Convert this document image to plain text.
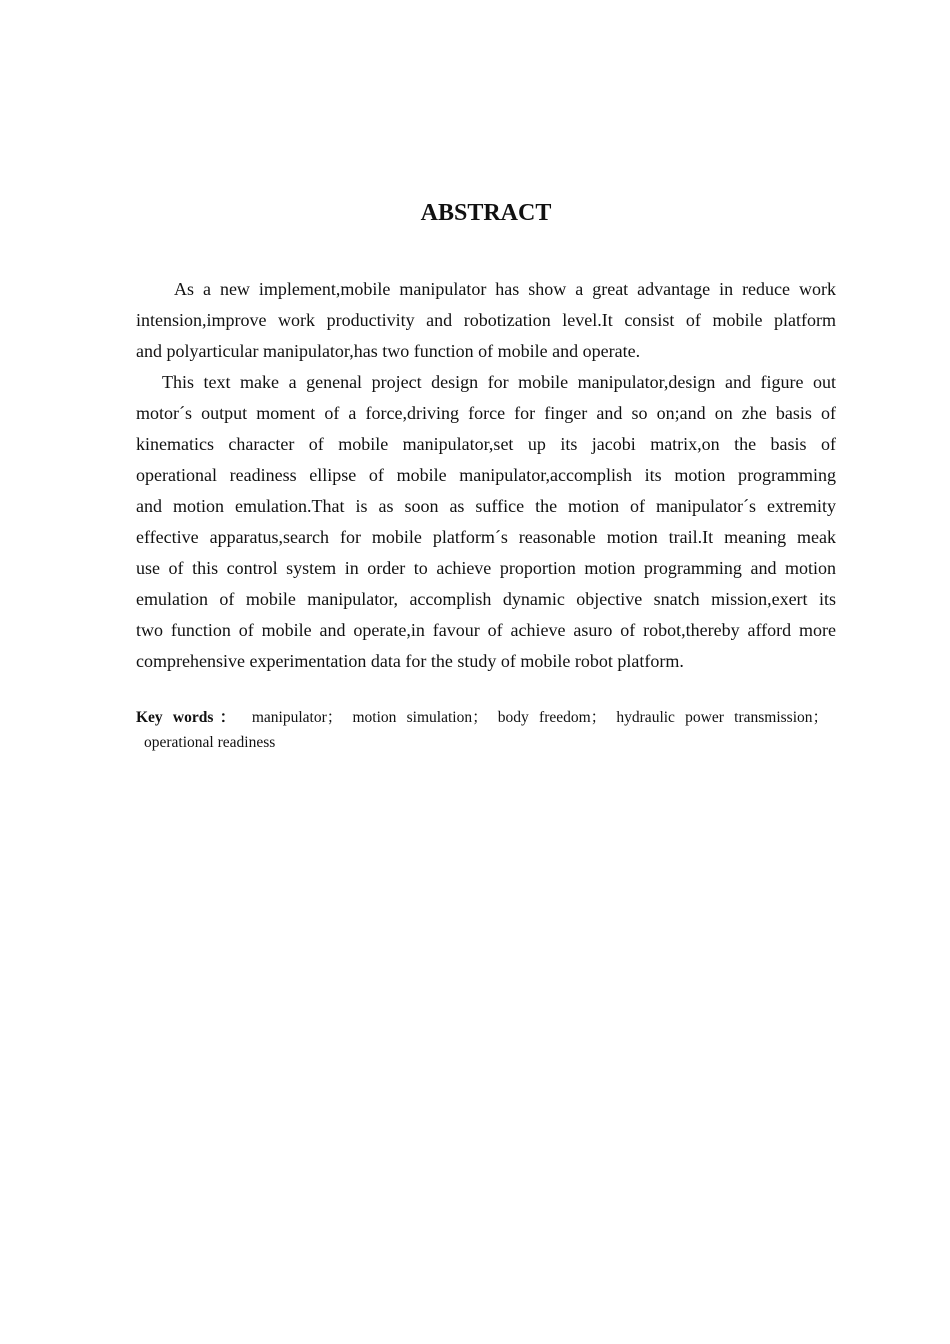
ABSTRACT
As a new implement,mobile manipulator has show a great advantage in reduce work
intension,improve work productivity and robotization level.It consist of mobile platform
and polyarticular manipulator,has two function of mobile and operate.
This text make a genenal project design for mobile manipulator,design and figure out
motor´s output moment of a force,driving force for finger and so on;and on zhe basis of
kinematics character of mobile manipulator,set up its jacobi matrix,on the basis of
operational readiness ellipse of mobile manipulator,accomplish its motion programming
and motion emulation.That is as soon as suffice the motion of manipulator´s extremity
effective apparatus,search for mobile platform´s reasonable motion trail.It meaning meak
use of this control system in order to achieve proportion motion programming and motion
emulation of mobile manipulator, accomplish dynamic objective snatch mission,exert its
two function of mobile and operate,in favour of achieve asuro of robot,thereby afford more
comprehensive experimentation data for the study of mobile robot platform.
Key words： manipulator； motion simulation； body freedom； hydraulic power transmission；
operational readiness
